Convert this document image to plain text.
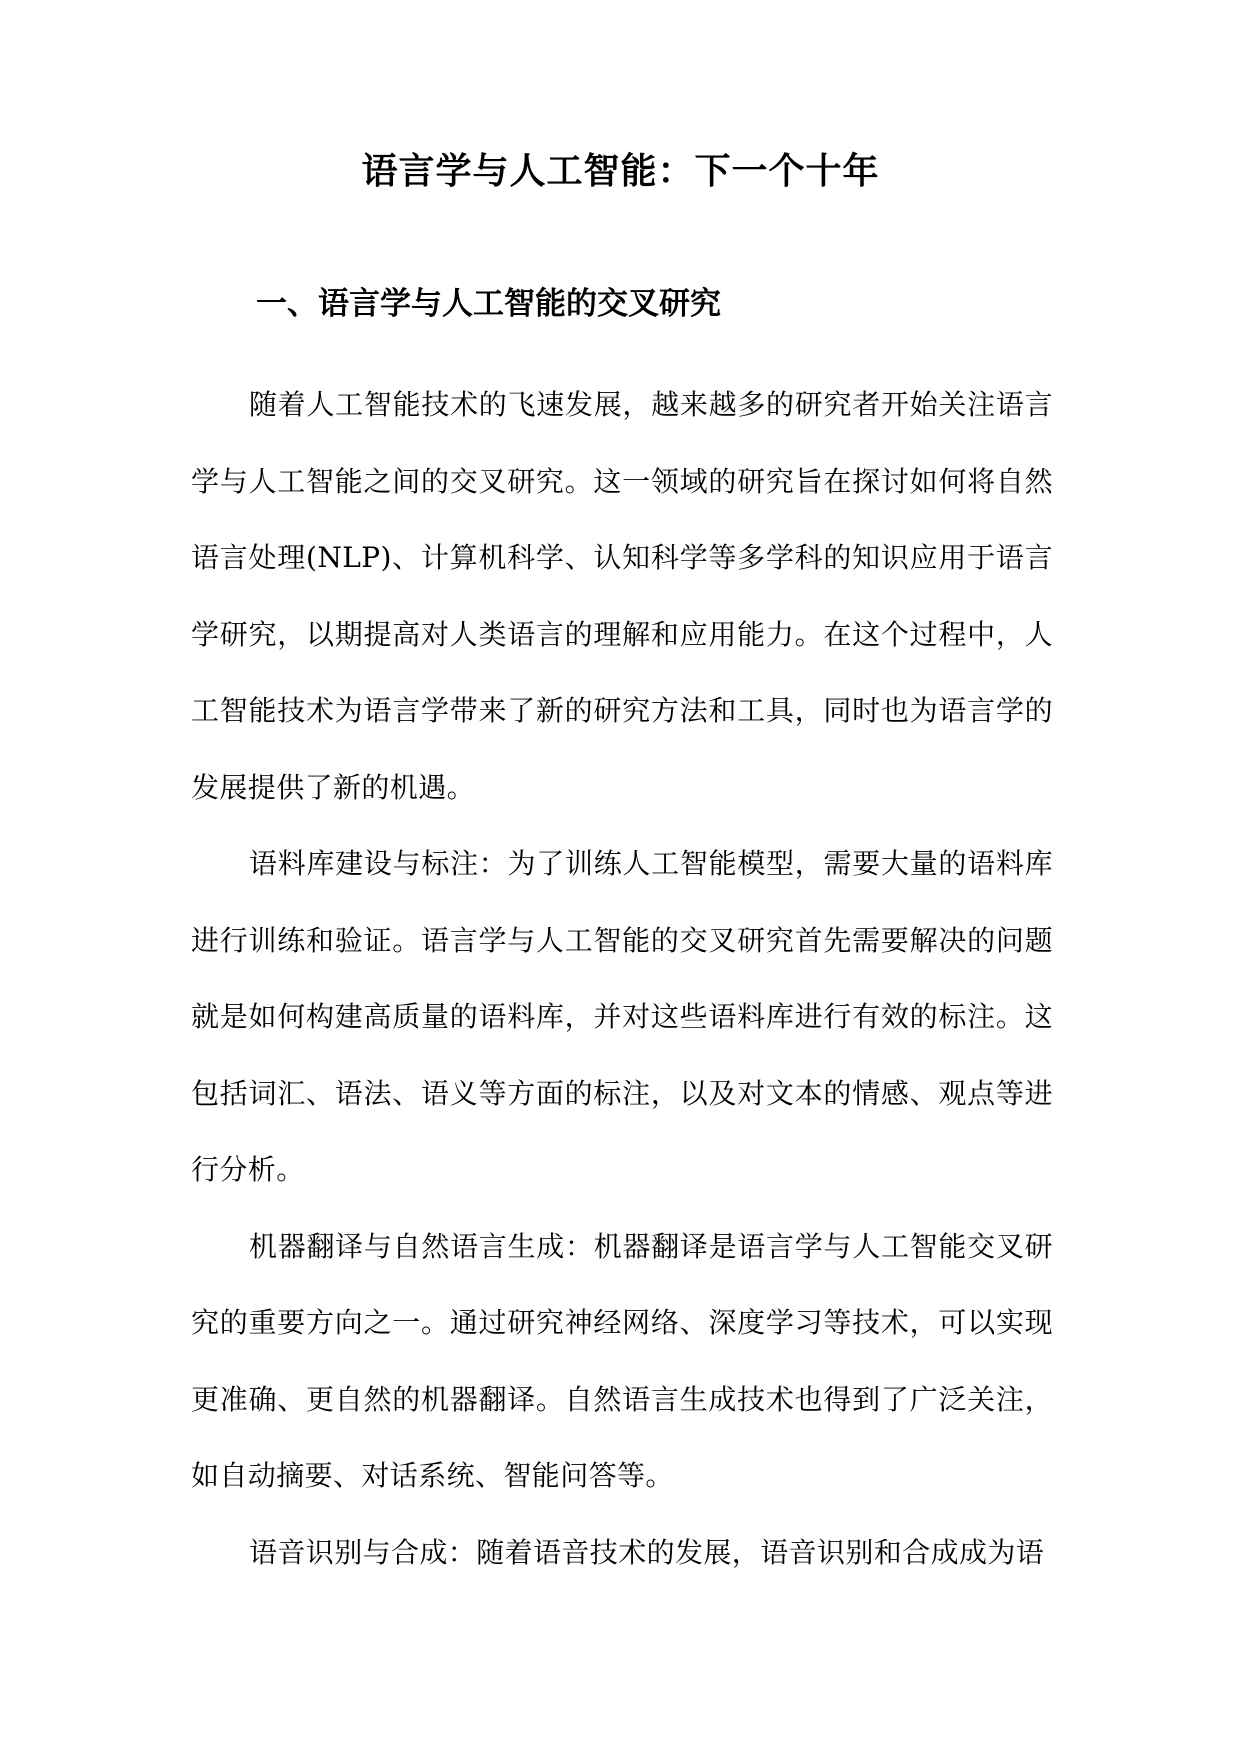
语言学与人工智能：下一个十年
一、语言学与人工智能的交叉研究

随着人工智能技术的飞速发展，越来越多的研究者开始关注语言学与人工智能之间的交叉研究。这一领域的研究旨在探讨如何将自然语言处理(NLP)、计算机科学、认知科学等多学科的知识应用于语言学研究，以期提高对人类语言的理解和应用能力。在这个过程中，人工智能技术为语言学带来了新的研究方法和工具，同时也为语言学的发展提供了新的机遇。

语料库建设与标注：为了训练人工智能模型，需要大量的语料库进行训练和验证。语言学与人工智能的交叉研究首先需要解决的问题就是如何构建高质量的语料库，并对这些语料库进行有效的标注。这包括词汇、语法、语义等方面的标注，以及对文本的情感、观点等进行分析。

机器翻译与自然语言生成：机器翻译是语言学与人工智能交叉研究的重要方向之一。通过研究神经网络、深度学习等技术，可以实现更准确、更自然的机器翻译。自然语言生成技术也得到了广泛关注，如自动摘要、对话系统、智能问答等。

语音识别与合成：随着语音技术的发展，语音识别和合成成为语
